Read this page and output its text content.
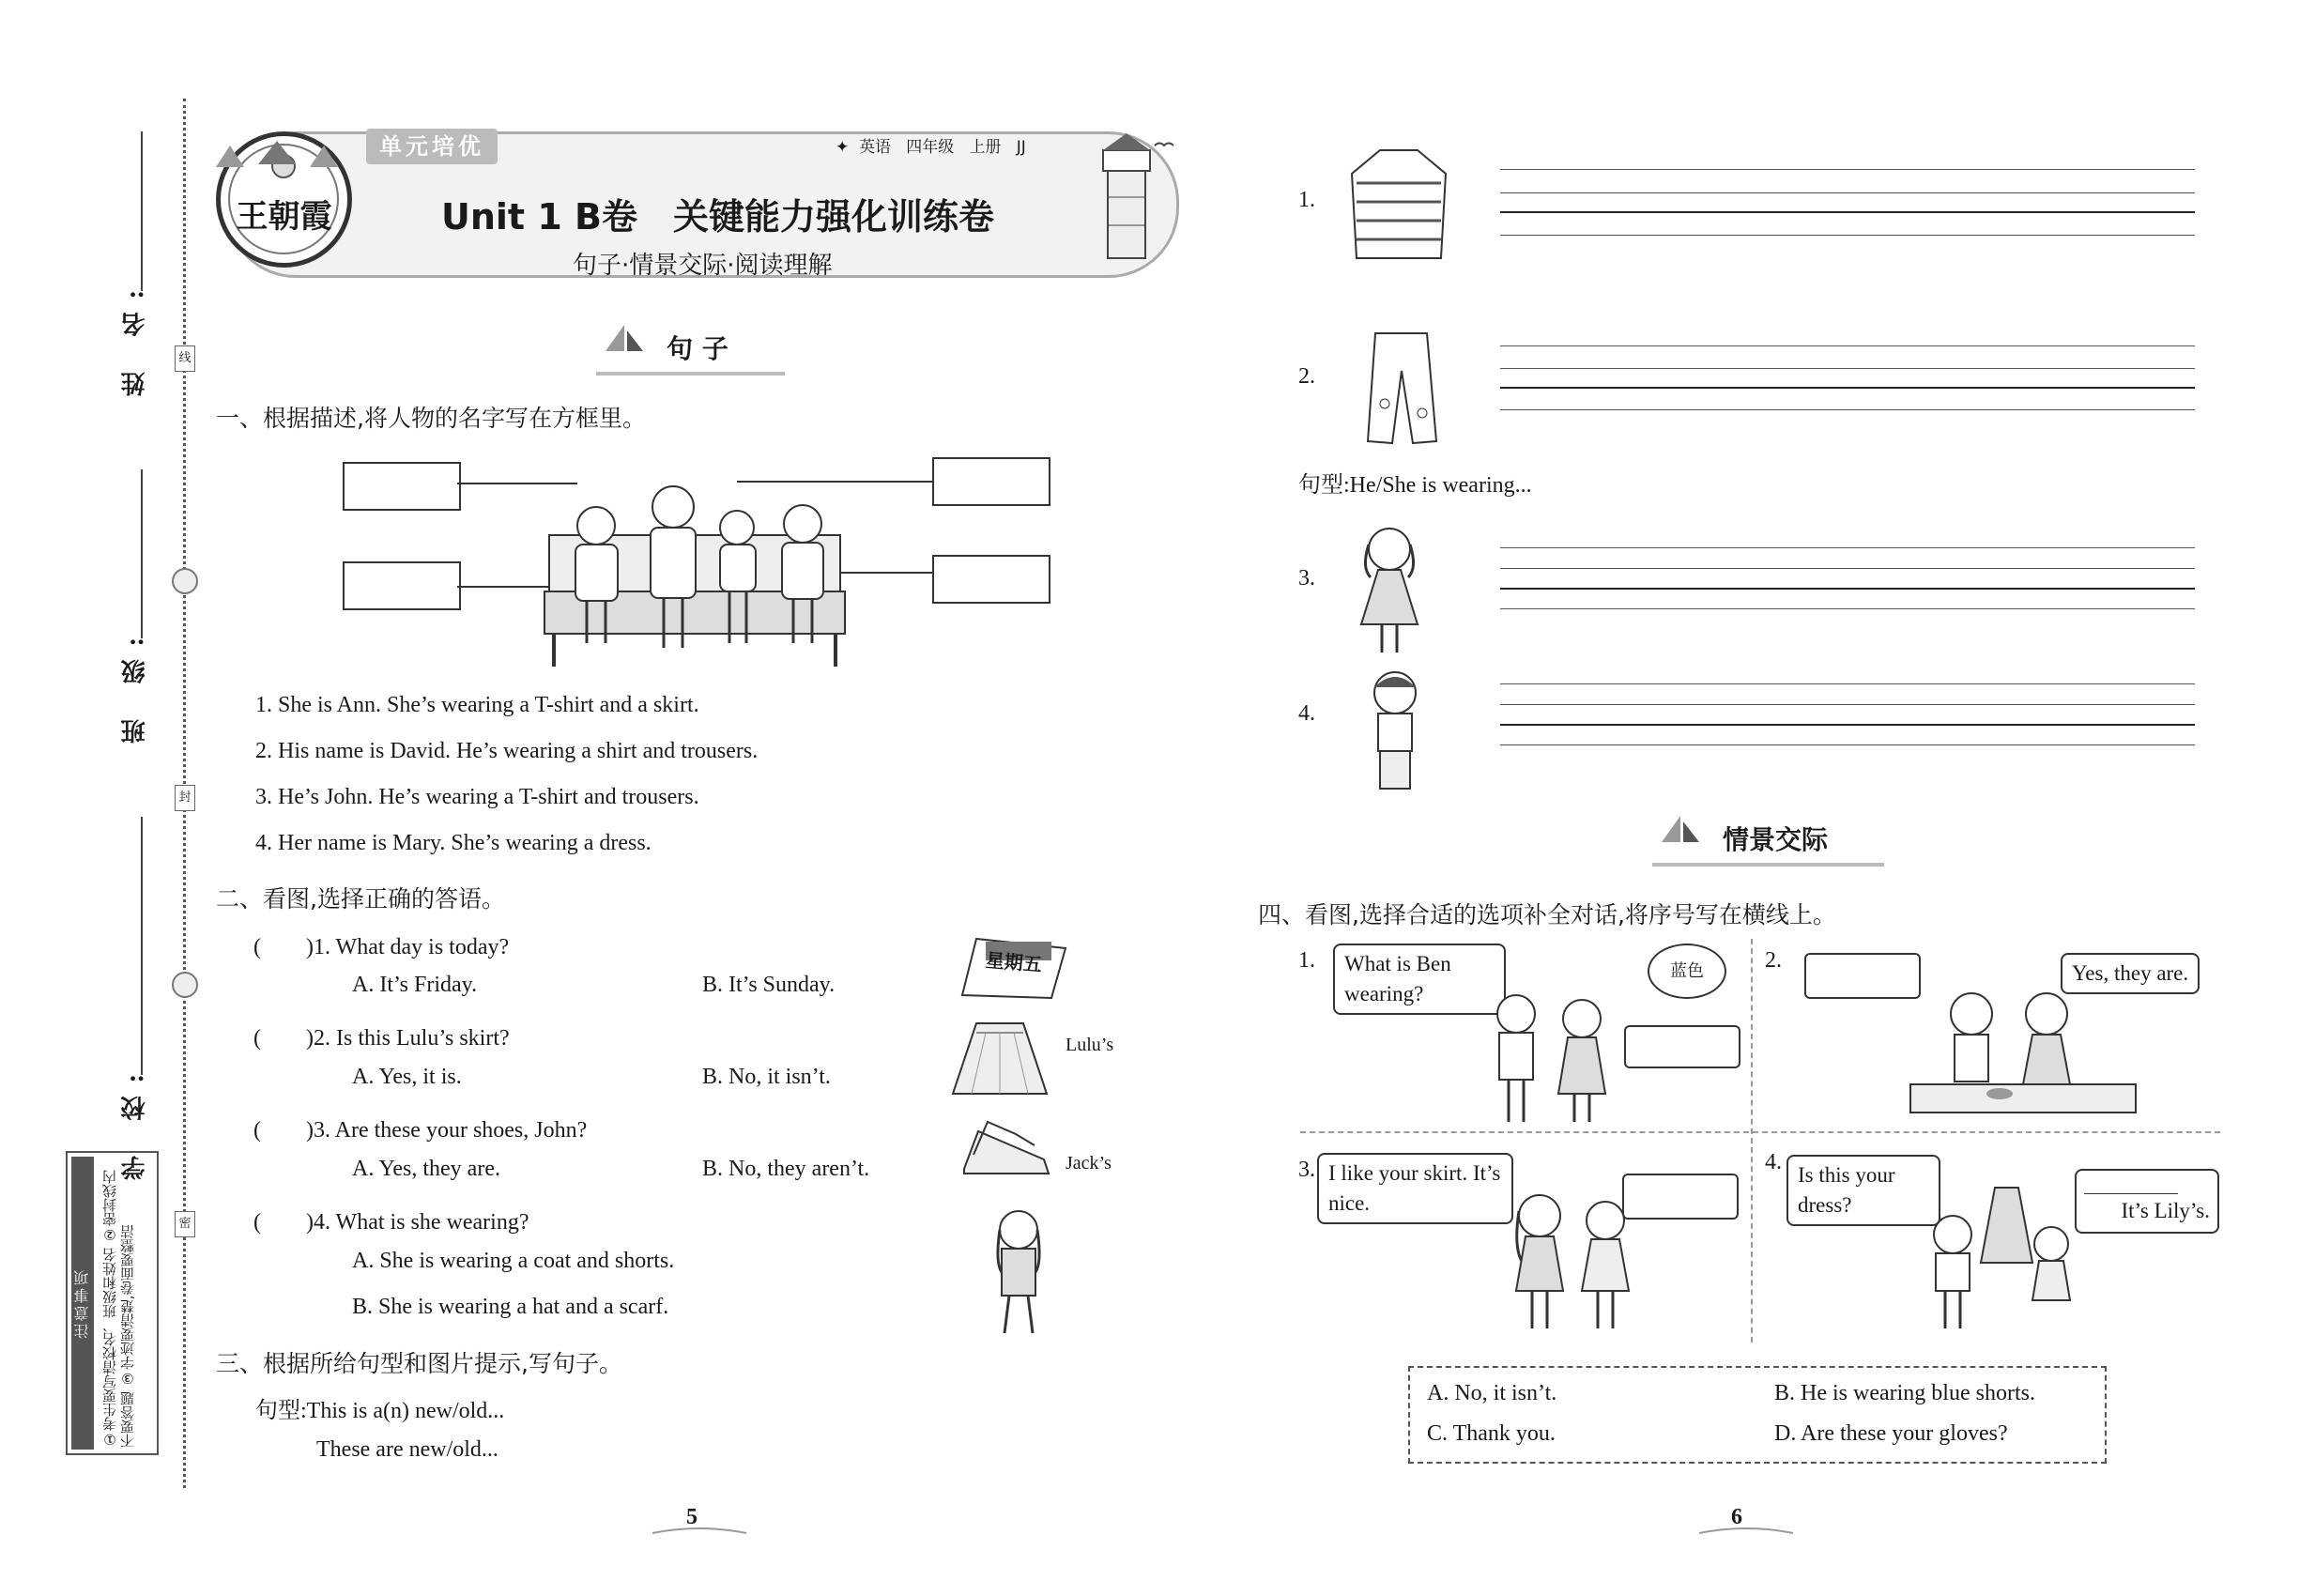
姓 名:
班 级:
学 校:
线
封
密
注意事项 ①考生要写清校名、班级和姓名 ②密封线内不要答题 ③字迹要清楚,卷面要整洁
单元培优
王朝霞
✦ 英语 四年级 上册 JJ
Unit 1 B卷　关键能力强化训练卷
句子·情景交际·阅读理解
句 子
一、根据描述,将人物的名字写在方框里。
1. She is Ann. She’s wearing a T-shirt and a skirt.
2. His name is David. He’s wearing a shirt and trousers.
3. He’s John. He’s wearing a T-shirt and trousers.
4. Her name is Mary. She’s wearing a dress.
二、看图,选择正确的答语。
(　　)1. What day is today?
A. It’s Friday.	B. It’s Sunday.
(　　)2. Is this Lulu’s skirt?
A. Yes, it is.	B. No, it isn’t.
(　　)3. Are these your shoes, John?
A. Yes, they are.	B. No, they aren’t.
(　　)4. What is she wearing?
A. She is wearing a coat and shorts.
B. She is wearing a hat and a scarf.
星期五
Lulu’s
Jack’s
三、根据所给句型和图片提示,写句子。
句型:This is a(n) new/old...
These are new/old...
5
1.
2.
句型:He/She is wearing...
3.
4.
情景交际
四、看图,选择合适的选项补全对话,将序号写在横线上。
1.	What is Ben wearing?
蓝色	2.
Yes, they are.
3. I like your skirt. It’s nice.
4.
Is this your dress?	It’s Lily’s.
A. No, it isn’t.	B. He is wearing blue shorts.
C. Thank you.	D. Are these your gloves?
6
